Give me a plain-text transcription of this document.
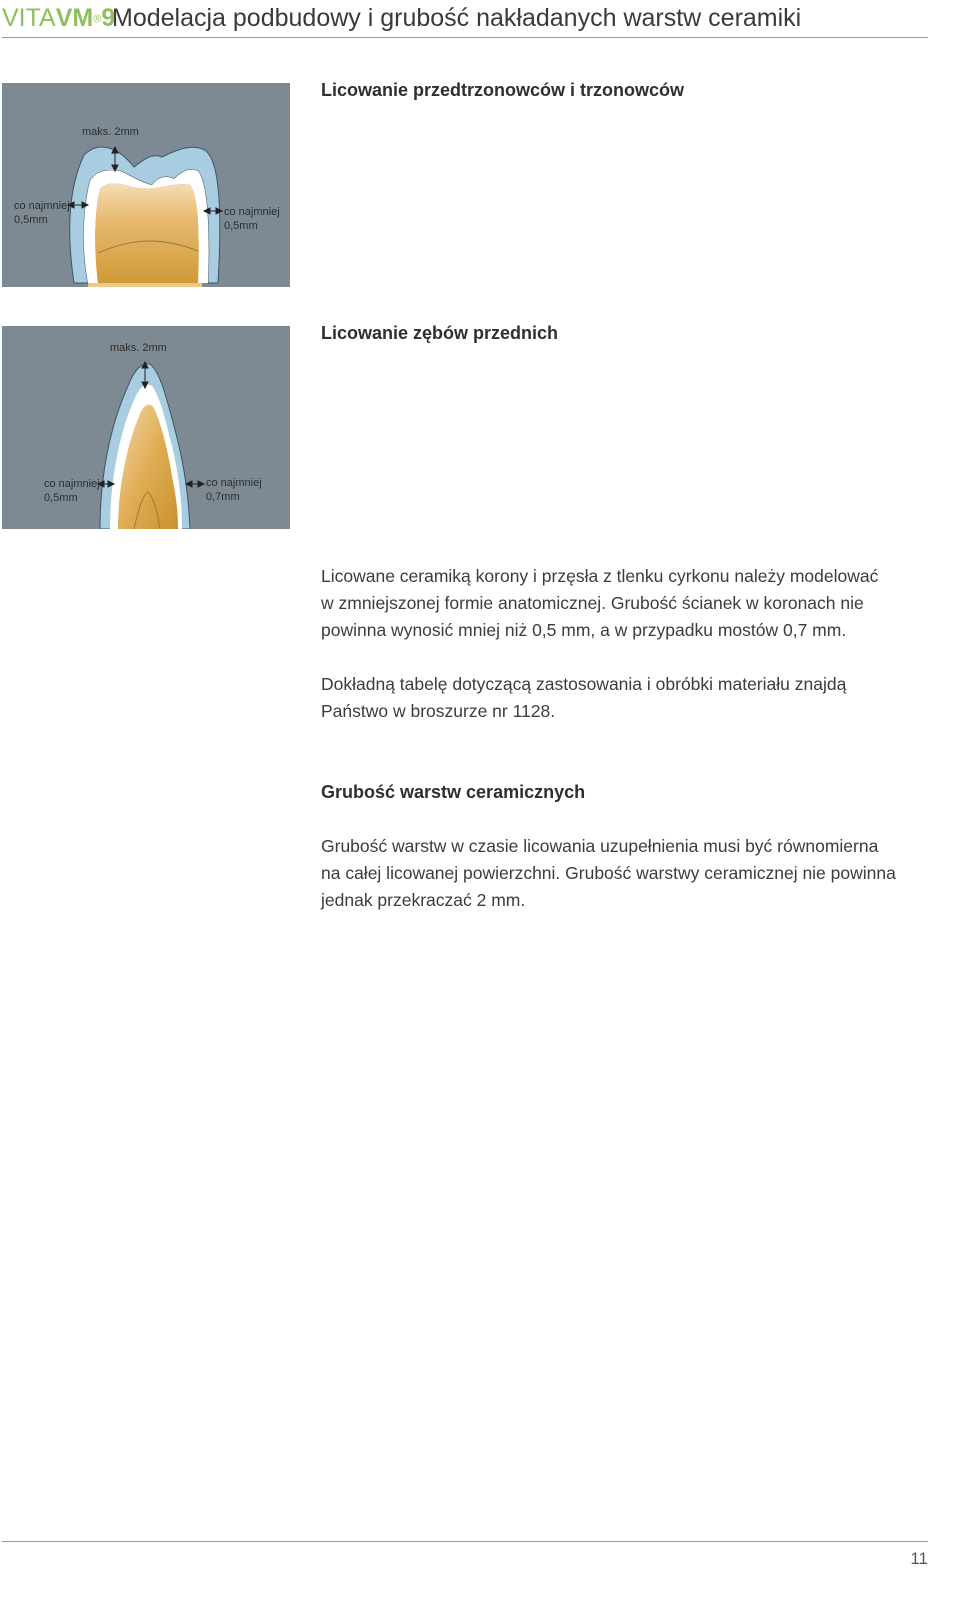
VITAVM®9
Modelacja podbudowy i grubość nakładanych warstw ceramiki
maks. 2mm
co najmniej
0,5mm
co najmniej
0,5mm
Licowanie przedtrzonowców i trzonowców
maks. 2mm
co najmniej
0,5mm
co najmniej
0,7mm
Licowanie zębów przednich
Licowane ceramiką korony i przęsła z tlenku cyrkonu należy modelować
w zmniejszonej formie anatomicznej. Grubość ścianek w koronach nie
powinna wynosić mniej niż 0,5 mm, a w przypadku mostów 0,7 mm.
Dokładną tabelę dotyczącą zastosowania i obróbki materiału znajdą
Państwo w broszurze nr 1128.
Grubość warstw ceramicznych
Grubość warstw w czasie licowania uzupełnienia musi być równomierna
na całej licowanej powierzchni. Grubość warstwy ceramicznej nie powinna
jednak przekraczać 2 mm.
11
